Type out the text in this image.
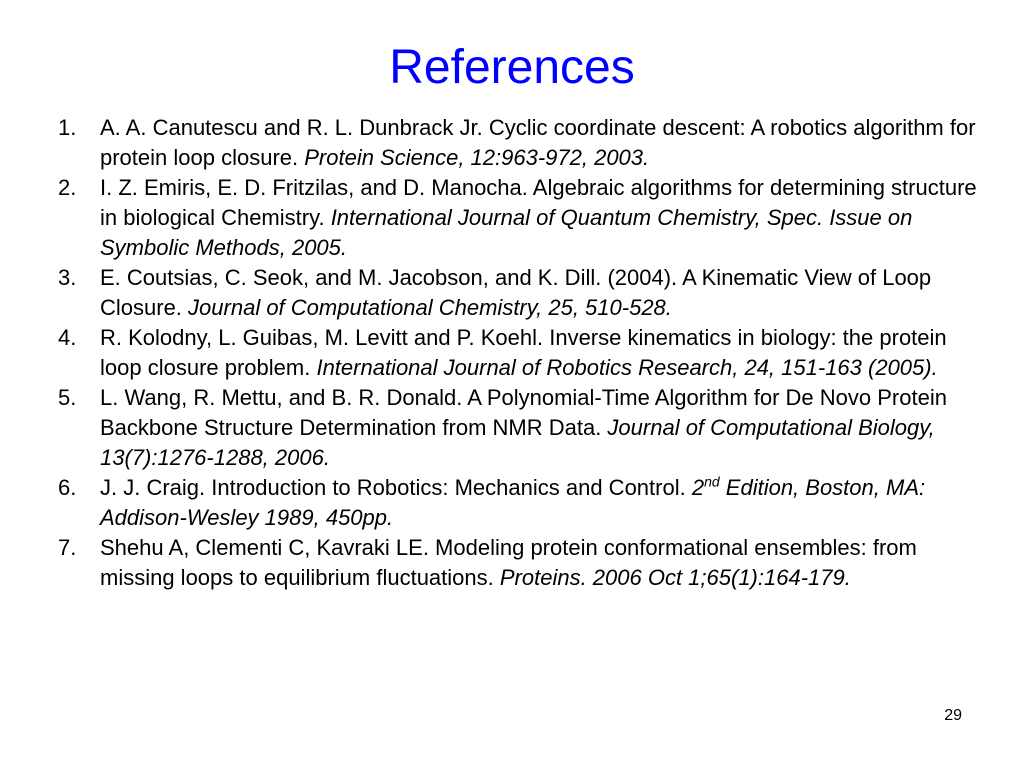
References
1. A. A. Canutescu and R. L. Dunbrack Jr. Cyclic coordinate descent: A robotics algorithm for protein loop closure. Protein Science, 12:963-972, 2003.
2. I. Z. Emiris, E. D. Fritzilas, and D. Manocha. Algebraic algorithms for determining structure in biological Chemistry. International Journal of Quantum Chemistry, Spec. Issue on Symbolic Methods, 2005.
3. E. Coutsias, C. Seok, and M. Jacobson, and K. Dill. (2004). A Kinematic View of Loop Closure. Journal of Computational Chemistry, 25, 510-528.
4. R. Kolodny, L. Guibas, M. Levitt and P. Koehl. Inverse kinematics in biology: the protein loop closure problem. International Journal of Robotics Research, 24, 151-163 (2005).
5. L. Wang, R. Mettu, and B. R. Donald. A Polynomial-Time Algorithm for De Novo Protein Backbone Structure Determination from NMR Data. Journal of Computational Biology, 13(7):1276-1288, 2006.
6. J. J. Craig. Introduction to Robotics: Mechanics and Control. 2nd Edition, Boston, MA: Addison-Wesley 1989, 450pp.
7. Shehu A, Clementi C, Kavraki LE. Modeling protein conformational ensembles: from missing loops to equilibrium fluctuations. Proteins. 2006 Oct 1;65(1):164-179.
29
